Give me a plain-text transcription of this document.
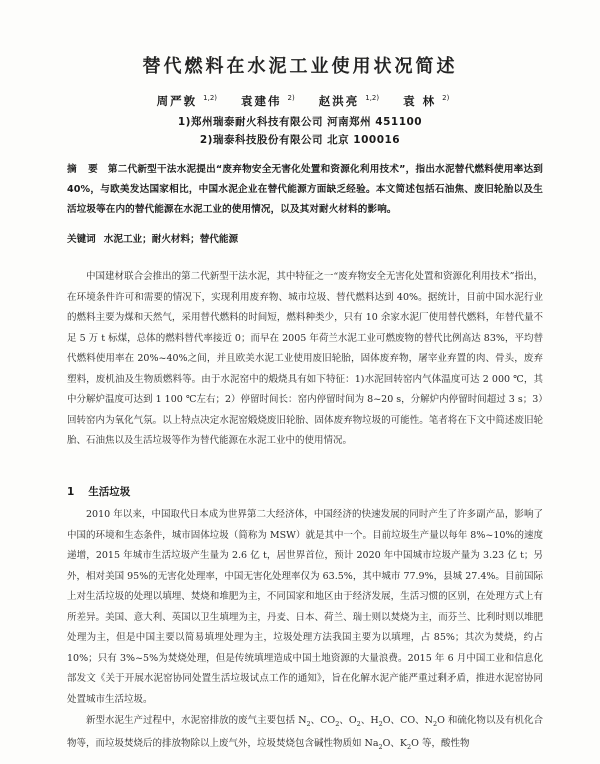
替代燃料在水泥工业使用状况简述
周严敦 $^{1,2)}$ 袁建伟 $^{2)}$ 赵洪亮 $^{1,2)}$ 袁 林 $^{2)}$
1)郑州瑞泰耐火科技有限公司 河南郑州 451100
2)瑞泰科技股份有限公司 北京 100016
摘 要 第二代新型干法水泥提出“废弃物安全无害化处置和资源化利用技术”，指出水泥替代燃料使用率达到40%，与欧美发达国家相比，中国水泥企业在替代能源方面缺乏经验。本文简述包括石油焦、废旧轮胎以及生活垃圾等在内的替代能源在水泥工业的使用情况，以及其对耐火材料的影响。
关键词 水泥工业；耐火材料；替代能源
中国建材联合会推出的第二代新型干法水泥，其中特征之一“废弃物安全无害化处置和资源化利用技术”指出，在环境条件许可和需要的情况下，实现利用废弃物、城市垃圾、替代燃料达到 40%。据统计，目前中国水泥行业的燃料主要为煤和天然气，采用替代燃料的时间短，燃料种类少，只有 10 余家水泥厂使用替代燃料，年替代量不足 5 万 t 标煤，总体的燃料替代率接近 0；而早在 2005 年荷兰水泥工业可燃废物的替代比例高达 83%，平均替代燃料使用率在 20%~40%之间，并且欧美水泥工业使用废旧轮胎，固体废弃物，屠宰业弃置的肉、骨头，废弃塑料，废机油及生物质燃料等。由于水泥窑中的煅烧具有如下特征：1)水泥回转窑内气体温度可达 2 000 ℃，其中分解炉温度可达到 1 100 ℃左右；2）停留时间长：窑内停留时间为 8~20 s，分解炉内停留时间超过 3 s；3）回转窑内为氧化气氛。以上特点决定水泥窑煅烧废旧轮胎、固体废弃物垃圾的可能性。笔者将在下文中简述废旧轮胎、石油焦以及生活垃圾等作为替代能源在水泥工业中的使用情况。
1 生活垃圾
2010 年以来，中国取代日本成为世界第二大经济体，中国经济的快速发展的同时产生了许多副产品，影响了中国的环境和生态条件，城市固体垃圾（简称为 MSW）就是其中一个。目前垃圾生产量以每年 8%~10%的速度递增，2015 年城市生活垃圾产生量为 2.6 亿 t，居世界首位，预计 2020 年中国城市垃圾产量为 3.23 亿 t；另外，相对美国 95%的无害化处理率，中国无害化处理率仅为 63.5%，其中城市 77.9%，县城 27.4%。目前国际上对生活垃圾的处理以填埋、焚烧和堆肥为主，不同国家和地区由于经济发展，生活习惯的区别，在处理方式上有所差异。美国、意大利、英国以卫生填埋为主，丹麦、日本、荷兰、瑞士则以焚烧为主，而芬兰、比利时则以堆肥处理为主，但是中国主要以简易填埋处理为主，垃圾处理方法我国主要为以填埋，占 85%；其次为焚烧，约占 10%；只有 3%~5%为焚烧处理，但是传统填埋造成中国土地资源的大量浪费。2015 年 6 月中国工业和信息化部发文《关于开展水泥窑协同处置生活垃圾试点工作的通知》，旨在化解水泥产能严重过剩矛盾，推进水泥窑协同处置城市生活垃圾。
新型水泥生产过程中，水泥窑排放的废气主要包括 $N_2$、$CO_2$、$O_2$、$H_2O$、CO、$N_2O$ 和硫化物以及有机化合物等，而垃圾焚烧后的排放物除以上废气外，垃圾焚烧包含碱性物质如 $Na_2O$、$K_2O$ 等，酸性物
